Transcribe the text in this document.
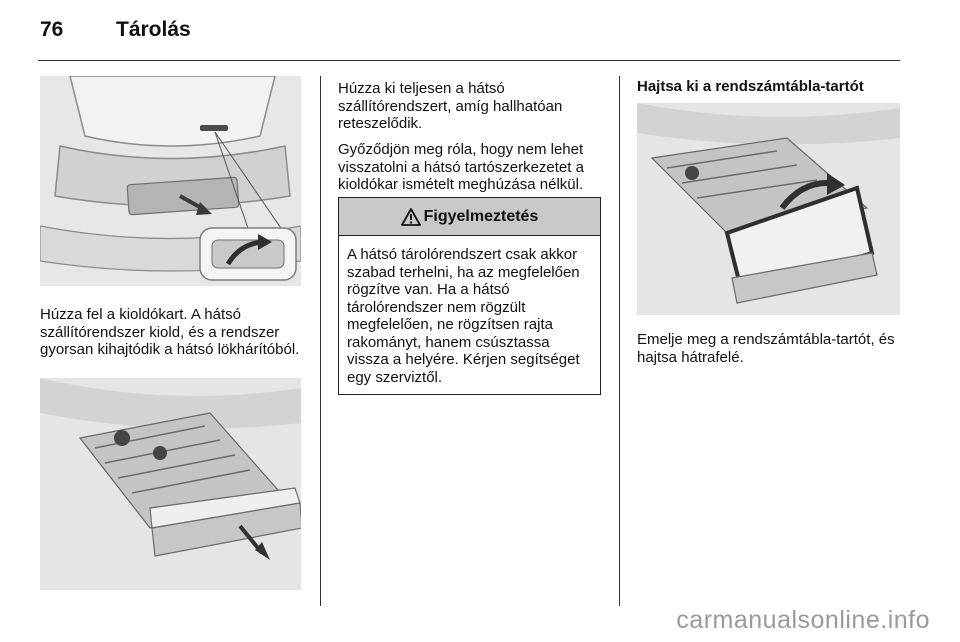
76	Tárolás

Húzza fel a kioldókart. A hátsó szállítórendszer kiold, és a rendszer gyorsan kihajtódik a hátsó lökhárítóból.

Húzza ki teljesen a hátsó szállítórendszert, amíg hallhatóan reteszelődik.

Győződjön meg róla, hogy nem lehet visszatolni a hátsó tartószerkezetet a kioldókar ismételt meghúzása nélkül.

Figyelmeztetés

A hátsó tárolórendszert csak akkor szabad terhelni, ha az megfelelően rögzítve van. Ha a hátsó tárolórendszer nem rögzült megfelelően, ne rögzítsen rajta rakományt, hanem csúsztassa vissza a helyére. Kérjen segítséget egy szerviztől.

Hajtsa ki a rendszámtábla-tartót

Emelje meg a rendszámtábla-tartót, és hajtsa hátrafelé.

carmanualsonline.info
